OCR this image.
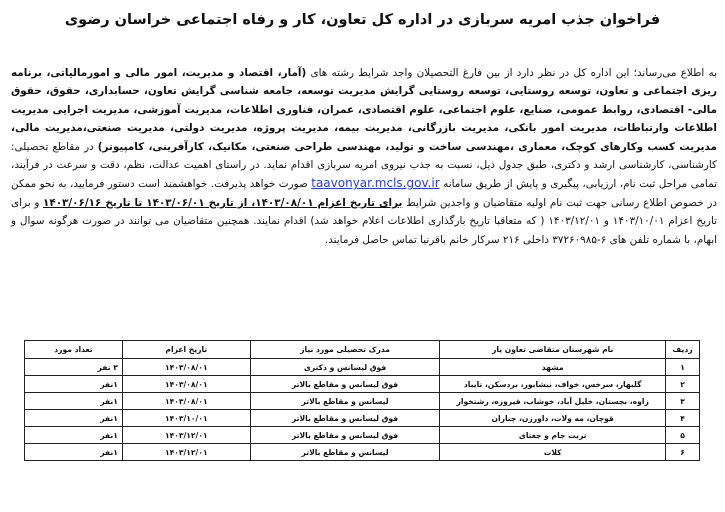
فراخوان جذب امریه سربازی در اداره کل تعاون، کار و رفاه اجتماعی خراسان رضوی

به اطلاع می‌رساند؛ این اداره کل در نظر دارد از بین فارغ التحصیلان واجد شرایط رشته های (آمار، اقتصاد و مدیریت، امور مالی و امورمالیاتی، برنامه ریزی اجتماعی و تعاون، توسعه روستایی، توسعه روستایی گرایش مدیریت توسعه، جامعه شناسی گرایش تعاون، حسابداری، حقوق، حقوق مالی- اقتصادی، روابط عمومی، صنایع، علوم اجتماعی، علوم اقتصادی، عمران، فناوری اطلاعات، مدیریت آموزشی، مدیریت اجرایی مدیریت اطلاعات وارتباطات، مدیریت امور بانکی، مدیریت بازرگانی، مدیریت بیمه، مدیریت پروژه، مدیریت دولتی، مدیریت صنعتی،مدیریت مالی، مدیریت کسب وکارهای کوچک، معماری ،مهندسی ساخت و تولید، مهندسی طراحی صنعتی، مکانیک، کارآفرینی، کامپیوتر) در مقاطع تحصیلی: کارشناسی، کارشناسی ارشد و دکتری، طبق جدول ذیل، نسبت به جذب نیروی امریه سربازی اقدام نماید. در راستای اهمیت عدالت، نظم، دقت و سرعت در فرآیند، تمامی مراحل ثبت نام، ارزیابی، پیگیری و پایش از طریق سامانه taavonyar.mcls.gov.ir صورت خواهد پذیرفت. خواهشمند است دستور فرمایید، به نحو ممکن در خصوص اطلاع رسانی جهت ثبت نام اولیه متقاضیان و واجدین شرایط برای تاریخ اعزام ۱۴۰۳/۰۸/۰۱، از تاریخ ۱۴۰۳/۰۶/۰۱ تا تاریخ ۱۴۰۳/۰۶/۱۶ و برای تاریخ اعزام ۱۴۰۳/۱۰/۰۱ و ۱۴۰۳/۱۲/۰۱ ( که متعاقبا تاریخ بارگذاری اطلاعات اعلام خواهد شد) اقدام نمایند. همچنین متقاضیان می توانند در صورت هرگونه سوال و ابهام، با شماره تلفن های ۶-۳۷۲۶۰۹۸۵ داخلی ۲۱۶ سرکار خانم باقرنیا تماس حاصل فرمایند.

ردیف	نام شهرستان متقاضی تعاون یار	مدرک تحصیلی مورد نیاز	تاریخ اعزام	تعداد مورد
۱	مشهد	فوق لیسانس و دکتری	۱۴۰۳/۰۸/۰۱	۳ نفر
۲	گلبهار، سرخس، خواف، نیشابور، بردسکن، تایباد	فوق لیسانس و مقاطع بالاتر	۱۴۰۳/۰۸/۰۱	۱نفر
۳	زاوه، بجستان، خلیل آباد، خوشاب، فیروزه، رشتخوار	لیسانس و مقاطع بالاتر	۱۴۰۳/۰۸/۰۱	۱نفر
۴	قوچان، مه ولات، داورزن، چناران	فوق لیسانس و مقاطع بالاتر	۱۴۰۳/۱۰/۰۱	۱نفر
۵	تربت جام و جغتای	فوق لیسانس و مقاطع بالاتر	۱۴۰۳/۱۲/۰۱	۱نفر
۶	کلات	لیسانس و مقاطع بالاتر	۱۴۰۳/۱۲/۰۱	۱نفر
